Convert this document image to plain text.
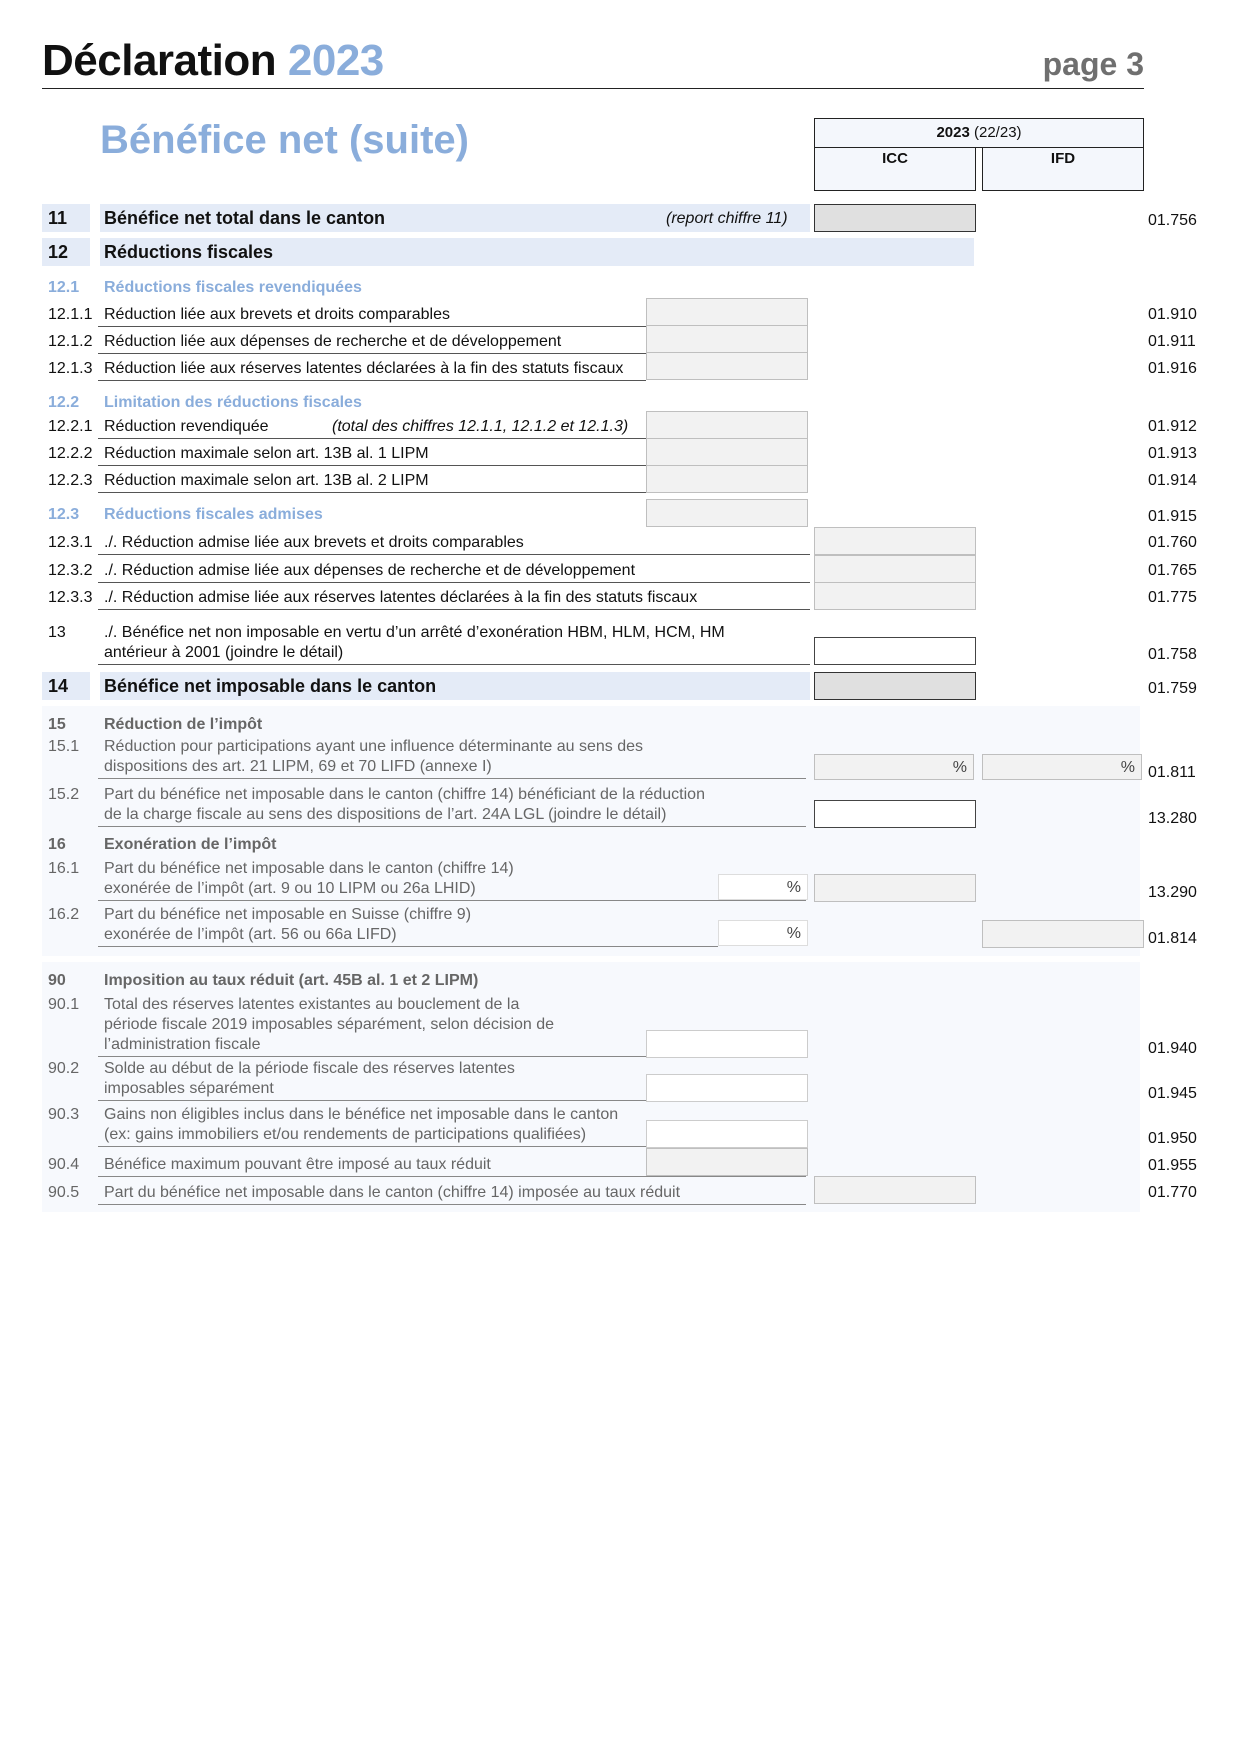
Déclaration 2023	page 3
Bénéfice net (suite)	2023 (22/23)
ICC	IFD
11 Bénéfice net total dans le canton	(report chiffre 11)	01.756
12 Réductions fiscales
12.1 Réductions fiscales revendiquées
12.1.1 Réduction liée aux brevets et droits comparables	01.910
12.1.2 Réduction liée aux dépenses de recherche et de développement	01.911
12.1.3 Réduction liée aux réserves latentes déclarées à la fin des statuts fiscaux	01.916
12.2 Limitation des réductions fiscales
12.2.1 Réduction revendiquée	(total des chiffres 12.1.1, 12.1.2 et 12.1.3)	01.912
12.2.2 Réduction maximale selon art. 13B al. 1 LIPM	01.913
12.2.3 Réduction maximale selon art. 13B al. 2 LIPM	01.914
12.3 Réductions fiscales admises	01.915
12.3.1 ./. Réduction admise liée aux brevets et droits comparables	01.760
12.3.2 ./. Réduction admise liée aux dépenses de recherche et de développement	01.765
12.3.3 ./. Réduction admise liée aux réserves latentes déclarées à la fin des statuts fiscaux	01.775
13 ./. Bénéfice net non imposable en vertu d’un arrêté d’exonération HBM, HLM, HCM, HM
antérieur à 2001 (joindre le détail)	01.758
14 Bénéfice net imposable dans le canton	01.759
15 Réduction de l’impôt
15.1 Réduction pour participations ayant une influence déterminante au sens des
dispositions des art. 21 LIPM, 69 et 70 LIFD (annexe I)	%	% 01.811
15.2 Part du bénéfice net imposable dans le canton (chiffre 14) bénéficiant de la réduction
de la charge fiscale au sens des dispositions de l’art. 24A LGL (joindre le détail)	13.280
16 Exonération de l’impôt
16.1 Part du bénéfice net imposable dans le canton (chiffre 14)
exonérée de l’impôt (art. 9 ou 10 LIPM ou 26a LHID)	%	13.290
16.2 Part du bénéfice net imposable en Suisse (chiffre 9)
exonérée de l’impôt (art. 56 ou 66a LIFD)	%	01.814
90 Imposition au taux réduit (art. 45B al. 1 et 2 LIPM)
90.1 Total des réserves latentes existantes au bouclement de la
période fiscale 2019 imposables séparément, selon décision de
l’administration fiscale	01.940
90.2 Solde au début de la période fiscale des réserves latentes
imposables séparément	01.945
90.3 Gains non éligibles inclus dans le bénéfice net imposable dans le canton
(ex: gains immobiliers et/ou rendements de participations qualifiées)	01.950
90.4 Bénéfice maximum pouvant être imposé au taux réduit	01.955
90.5 Part du bénéfice net imposable dans le canton (chiffre 14) imposée au taux réduit	01.770
